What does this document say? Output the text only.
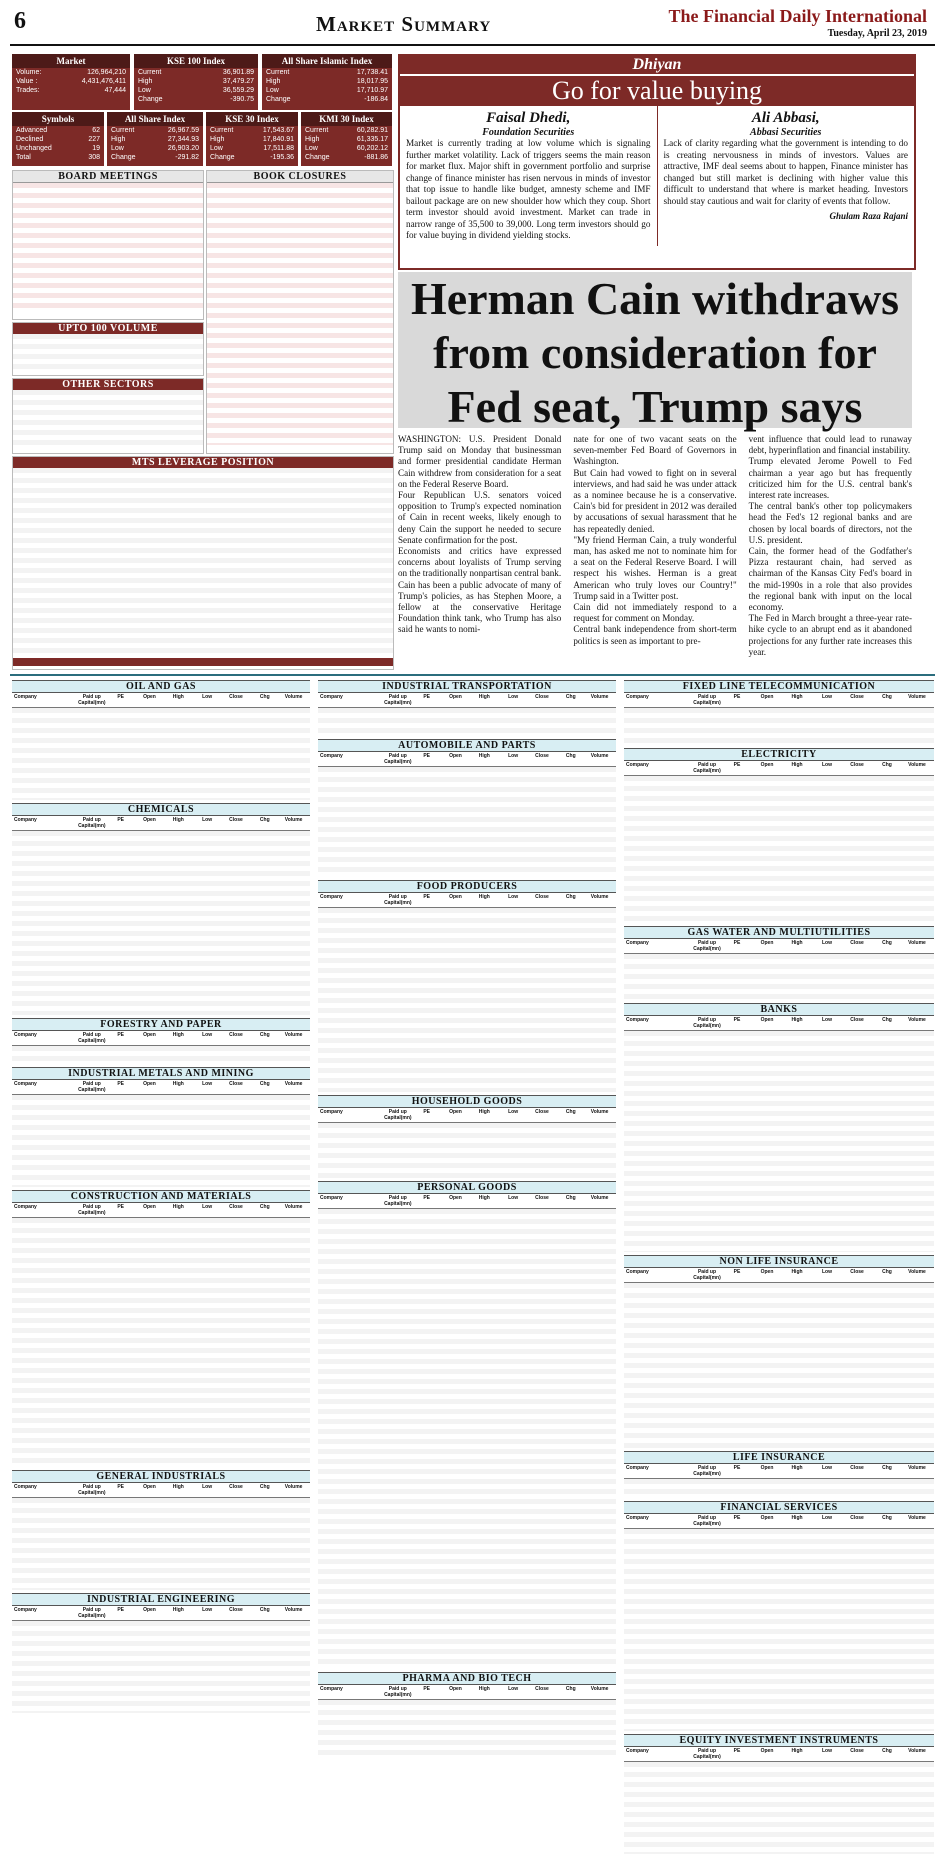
6	Market Summary	The Financial Daily International
Tuesday, April 23, 2019
Market
Volume:	126,964,210
Value :	4,431,476,411
Trades:	47,444
KSE 100 Index
Current	36,901.89
High	37,479.27
Low	36,559.29
Change	-390.75
All Share Islamic Index
Current	17,738.41
High	18,017.95
Low	17,710.97
Change	-186.84
Symbols
Advanced	62
Declined	227
Unchanged	19
Total	308
All Share Index
Current	26,967.59
High	27,344.93
Low	26,903.20
Change	-291.82
KSE 30 Index
Current	17,543.67
High	17,840.91
Low	17,511.88
Change	-195.36
KMI 30 Index
Current	60,282.91
High	61,335.17
Low	60,202.12
Change	-881.86
BOARD MEETINGS	BOOK CLOSURES
UPTO 100 VOLUME
OTHER SECTORS
MTS LEVERAGE POSITION
Dhiyan
Go for value buying
Faisal Dhedi,
Foundation Securities
Market is currently trading at low volume which is signaling further market volatility. Lack of triggers seems the main reason for market flux. Major shift in government portfolio and surprise change of finance minister has risen nervous in minds of investor that top issue to handle like budget, amnesty scheme and IMF bailout package are on new shoulder how which they coup. Short term investor should avoid investment. Market can trade in narrow range of 35,500 to 39,000. Long term investors should go for value buying in dividend yielding stocks.
Ali Abbasi,
Abbasi Securities
Lack of clarity regarding what the government is intending to do is creating nervousness in minds of investors. Values are attractive, IMF deal seems about to happen, Finance minister has changed but still market is declining with higher value this difficult to understand that where is market heading. Investors should stay cautious and wait for clarity of events that follow.
Ghulam Raza Rajani
Herman Cain withdraws from consideration for Fed seat, Trump says
WASHINGTON: U.S. President Donald Trump said on Monday that businessman and former presidential candidate Herman Cain withdrew from consideration for a seat on the Federal Reserve Board.
Four Republican U.S. senators voiced opposition to Trump's expected nomination of Cain in recent weeks, likely enough to deny Cain the support he needed to secure Senate confirmation for the post.
Economists and critics have expressed concerns about loyalists of Trump serving on the traditionally nonpartisan central bank.
Cain has been a public advocate of many of Trump's policies, as has Stephen Moore, a fellow at the conservative Heritage Foundation think tank, who Trump has also said he wants to nomi-
nate for one of two vacant seats on the seven-member Fed Board of Governors in Washington.
But Cain had vowed to fight on in several interviews, and had said he was under attack as a nominee because he is a conservative. Cain's bid for president in 2012 was derailed by accusations of sexual harassment that he has repeatedly denied.
"My friend Herman Cain, a truly wonderful man, has asked me not to nominate him for a seat on the Federal Reserve Board. I will respect his wishes. Herman is a great American who truly loves our Country!" Trump said in a Twitter post.
Cain did not immediately respond to a request for comment on Monday.
Central bank independence from short-term politics is seen as important to pre-
vent influence that could lead to runaway debt, hyperinflation and financial instability.
Trump elevated Jerome Powell to Fed chairman a year ago but has frequently criticized him for the U.S. central bank's interest rate increases.
The central bank's other top policymakers head the Fed's 12 regional banks and are chosen by local boards of directors, not the U.S. president.
Cain, the former head of the Godfather's Pizza restaurant chain, had served as chairman of the Kansas City Fed's board in the mid-1990s in a role that also provides the regional bank with input on the local economy.
The Fed in March brought a three-year rate-hike cycle to an abrupt end as it abandoned projections for any further rate increases this year.
OIL AND GAS
Company	Paid up Capital(mn)
PE	Open	High	Low	Close	Chg	Volume
CHEMICALS
Company	Paid up Capital(mn)
PE	Open	High	Low	Close	Chg	Volume
FORESTRY AND PAPER
Company	Paid up Capital(mn)
PE	Open	High	Low	Close	Chg	Volume
INDUSTRIAL METALS AND MINING
Company	Paid up Capital(mn)
PE	Open	High	Low	Close	Chg	Volume
CONSTRUCTION AND MATERIALS
Company	Paid up Capital(mn)
PE	Open	High	Low	Close	Chg	Volume
GENERAL INDUSTRIALS
Company	Paid up Capital(mn)
PE	Open	High	Low	Close	Chg	Volume
INDUSTRIAL ENGINEERING
Company	Paid up Capital(mn)
PE	Open	High	Low	Close	Chg	Volume
INDUSTRIAL TRANSPORTATION
Company	Paid up Capital(mn)
PE	Open	High	Low	Close	Chg	Volume
AUTOMOBILE AND PARTS
Company	Paid up Capital(mn)
PE	Open	High	Low	Close	Chg	Volume
FOOD PRODUCERS
Company	Paid up Capital(mn)
PE	Open	High	Low	Close	Chg	Volume
HOUSEHOLD GOODS
Company	Paid up Capital(mn)
PE	Open	High	Low	Close	Chg	Volume
PERSONAL GOODS
Company	Paid up Capital(mn)
PE	Open	High	Low	Close	Chg	Volume
PHARMA AND BIO TECH
Company	Paid up Capital(mn)
PE	Open	High	Low	Close	Chg	Volume
FIXED LINE TELECOMMUNICATION
Company	Paid up Capital(mn)
PE	Open	High	Low	Close	Chg	Volume
ELECTRICITY
Company	Paid up Capital(mn)
PE	Open	High	Low	Close	Chg	Volume
GAS WATER AND MULTIUTILITIES
Company	Paid up Capital(mn)
PE	Open	High	Low	Close	Chg	Volume
BANKS
Company	Paid up Capital(mn)
PE	Open	High	Low	Close	Chg	Volume
NON LIFE INSURANCE
Company	Paid up Capital(mn)
PE	Open	High	Low	Close	Chg	Volume
LIFE INSURANCE
Company	Paid up Capital(mn)
PE	Open	High	Low	Close	Chg	Volume
FINANCIAL SERVICES
Company	Paid up Capital(mn)
PE	Open	High	Low	Close	Chg	Volume
EQUITY INVESTMENT INSTRUMENTS
Company	Paid up Capital(mn)
PE	Open	High	Low	Close	Chg	Volume
